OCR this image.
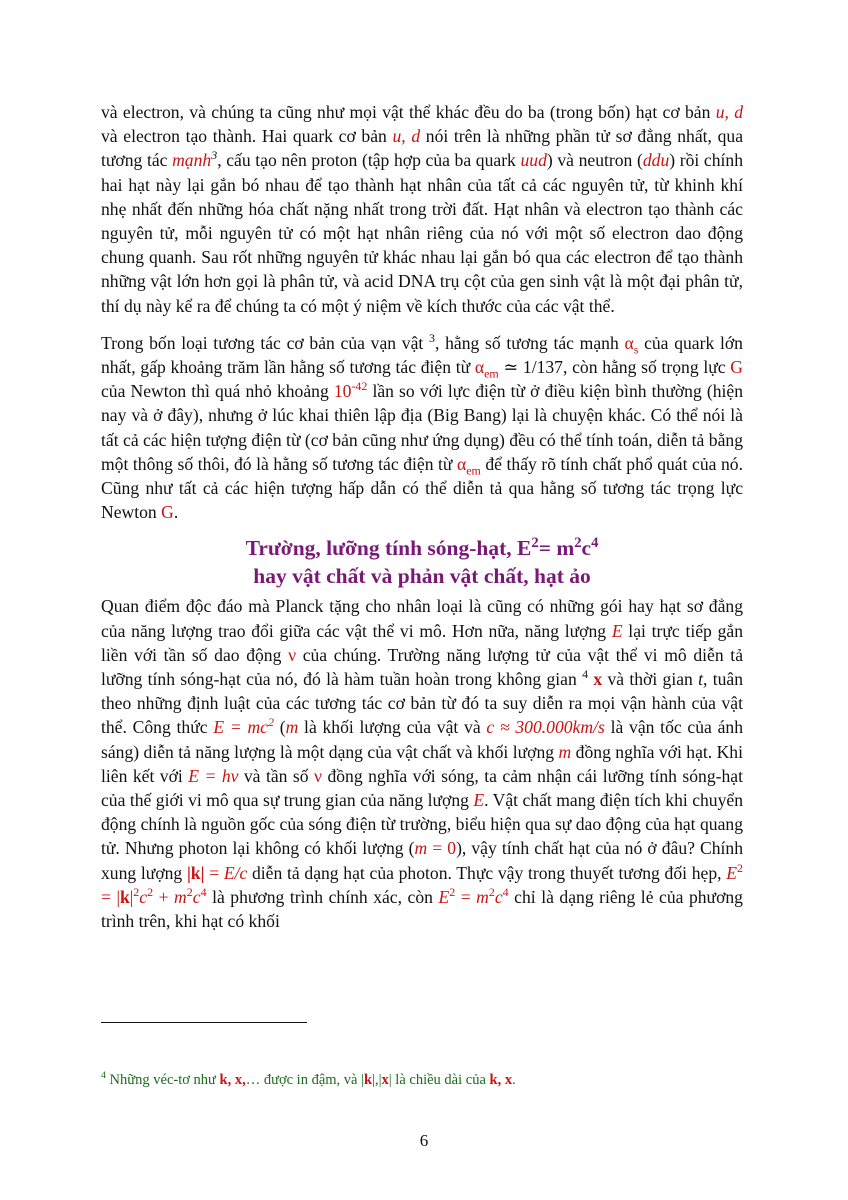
và electron, và chúng ta cũng như mọi vật thể khác đều do ba (trong bốn) hạt cơ bản u, d và electron tạo thành. Hai quark cơ bản u, d nói trên là những phần tử sơ đẳng nhất, qua tương tác mạnh$^3$, cấu tạo nên proton (tập hợp của ba quark uud) và neutron (ddu) rồi chính hai hạt này lại gắn bó nhau để tạo thành hạt nhân của tất cả các nguyên tử, từ khinh khí nhẹ nhất đến những hóa chất nặng nhất trong trời đất. Hạt nhân và electron tạo thành các nguyên tử, mỗi nguyên tử có một hạt nhân riêng của nó với một số electron dao động chung quanh. Sau rốt những nguyên tử khác nhau lại gắn bó qua các electron để tạo thành những vật lớn hơn gọi là phân tử, và acid DNA trụ cột của gen sinh vật là một đại phân tử, thí dụ này kể ra để chúng ta có một ý niệm về kích thước của các vật thể.

Trong bốn loại tương tác cơ bản của vạn vật $^3$, hằng số tương tác mạnh $\alpha_s$ của quark lớn nhất, gấp khoảng trăm lần hằng số tương tác điện từ $\alpha_{em}$ ≃ 1/137, còn hằng số trọng lực G của Newton thì quá nhỏ khoảng $10^{-42}$ lần so với lực điện từ ở điều kiện bình thường (hiện nay và ở đây), nhưng ở lúc khai thiên lập địa (Big Bang) lại là chuyện khác. Có thể nói là tất cả các hiện tượng điện từ (cơ bản cũng như ứng dụng) đều có thể tính toán, diễn tả bằng một thông số thôi, đó là hằng số tương tác điện từ $\alpha_{em}$ để thấy rõ tính chất phổ quát của nó. Cũng như tất cả các hiện tượng hấp dẫn có thể diễn tả qua hằng số tương tác trọng lực Newton G.

Trường, lưỡng tính sóng-hạt, $E^2= m^2c^4$
hay vật chất và phản vật chất, hạt ảo

Quan điểm độc đáo mà Planck tặng cho nhân loại là cũng có những gói hay hạt sơ đẳng của năng lượng trao đổi giữa các vật thể vi mô. Hơn nữa, năng lượng E lại trực tiếp gắn liền với tần số dao động ν của chúng. Trường năng lượng tử của vật thể vi mô diễn tả lưỡng tính sóng-hạt của nó, đó là hàm tuần hoàn trong không gian $^4$ x và thời gian t, tuân theo những định luật của các tương tác cơ bản từ đó ta suy diễn ra mọi vận hành của vật thể. Công thức $E = mc^2$ (m là khối lượng của vật và c ≈ 300.000km/s là vận tốc của ánh sáng) diễn tả năng lượng là một dạng của vật chất và khối lượng m đồng nghĩa với hạt. Khi liên kết với E = hν và tần số ν đồng nghĩa với sóng, ta cảm nhận cái lưỡng tính sóng-hạt của thế giới vi mô qua sự trung gian của năng lượng E. Vật chất mang điện tích khi chuyển động chính là nguồn gốc của sóng điện từ trường, biểu hiện qua sự dao động của hạt quang tử. Nhưng photon lại không có khối lượng (m = 0), vậy tính chất hạt của nó ở đâu? Chính xung lượng |k| = E/c diễn tả dạng hạt của photon. Thực vậy trong thuyết tương đối hẹp, $E^2 = |k|^2c^2 + m^2c^4$ là phương trình chính xác, còn $E^2 = m^2c^4$ chỉ là dạng riêng lẻ của phương trình trên, khi hạt có khối

$^4$ Những véc-tơ như k, x,… được in đậm, và |k|,|x| là chiều dài của k, x.
6
